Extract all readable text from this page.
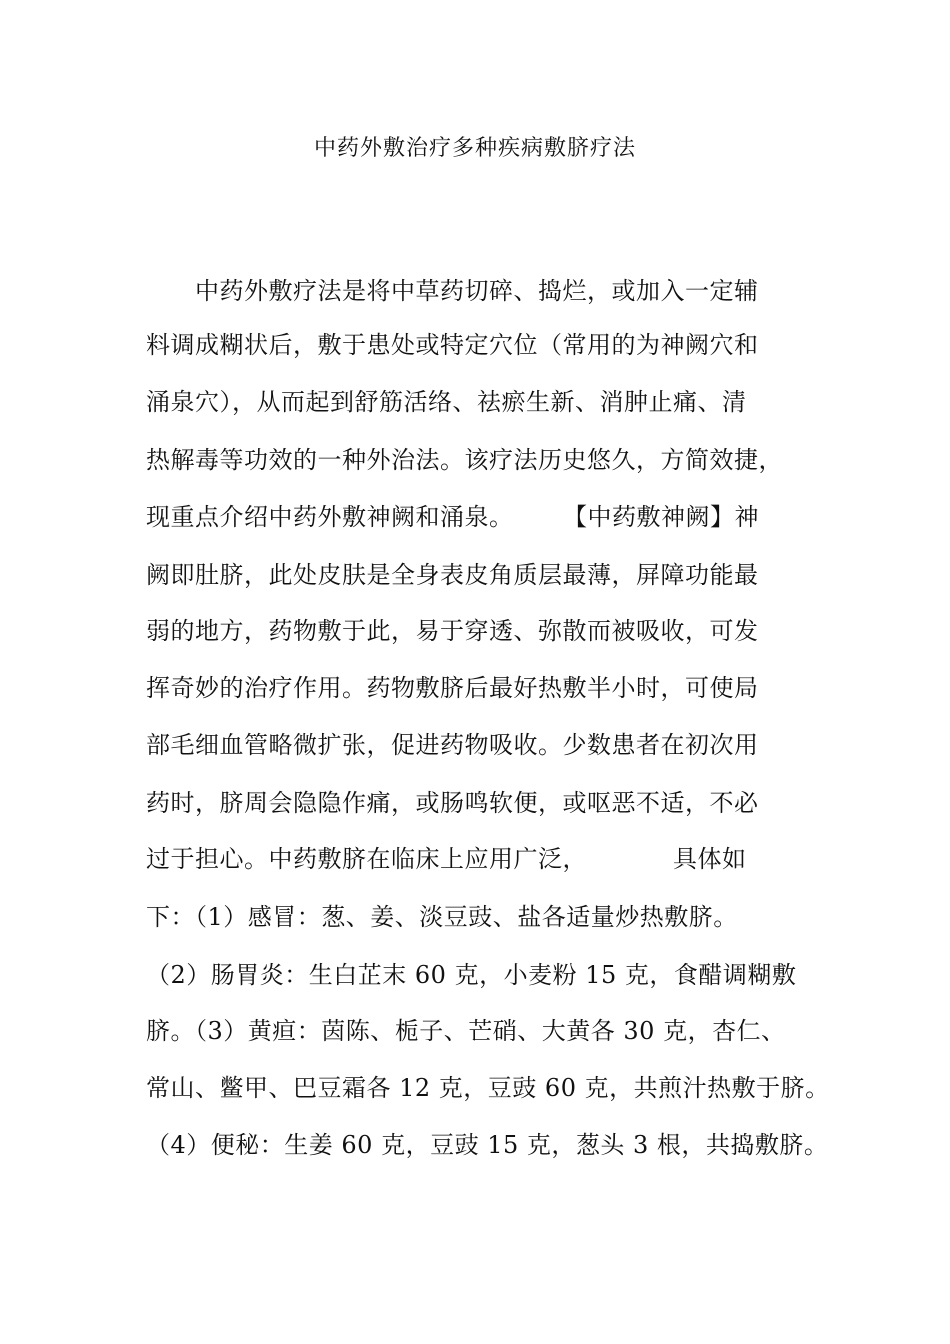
中药外敷治疗多种疾病敷脐疗法
　　中药外敷疗法是将中草药切碎、捣烂，或加入一定辅
料调成糊状后，敷于患处或特定穴位（常用的为神阙穴和
涌泉穴），从而起到舒筋活络、祛瘀生新、消肿止痛、清
热解毒等功效的一种外治法。该疗法历史悠久，方简效捷，
现重点介绍中药外敷神阙和涌泉。　　　【中药敷神阙】神
阙即肚脐，此处皮肤是全身表皮角质层最薄，屏障功能最
弱的地方，药物敷于此，易于穿透、弥散而被吸收，可发
挥奇妙的治疗作用。药物敷脐后最好热敷半小时，可使局
部毛细血管略微扩张，促进药物吸收。少数患者在初次用
药时，脐周会隐隐作痛，或肠鸣软便，或呕恶不适，不必
过于担心。中药敷脐在临床上应用广泛，　　　　具体如
下：（1）感冒：葱、姜、淡豆豉、盐各适量炒热敷脐。
（2）肠胃炎：生白芷末 60 克，小麦粉 15 克，食醋调糊敷
脐。（3）黄疸：茵陈、栀子、芒硝、大黄各 30 克，杏仁、
常山、鳖甲、巴豆霜各 12 克，豆豉 60 克，共煎汁热敷于脐。
（4）便秘：生姜 60 克，豆豉 15 克，葱头 3 根，共捣敷脐。
